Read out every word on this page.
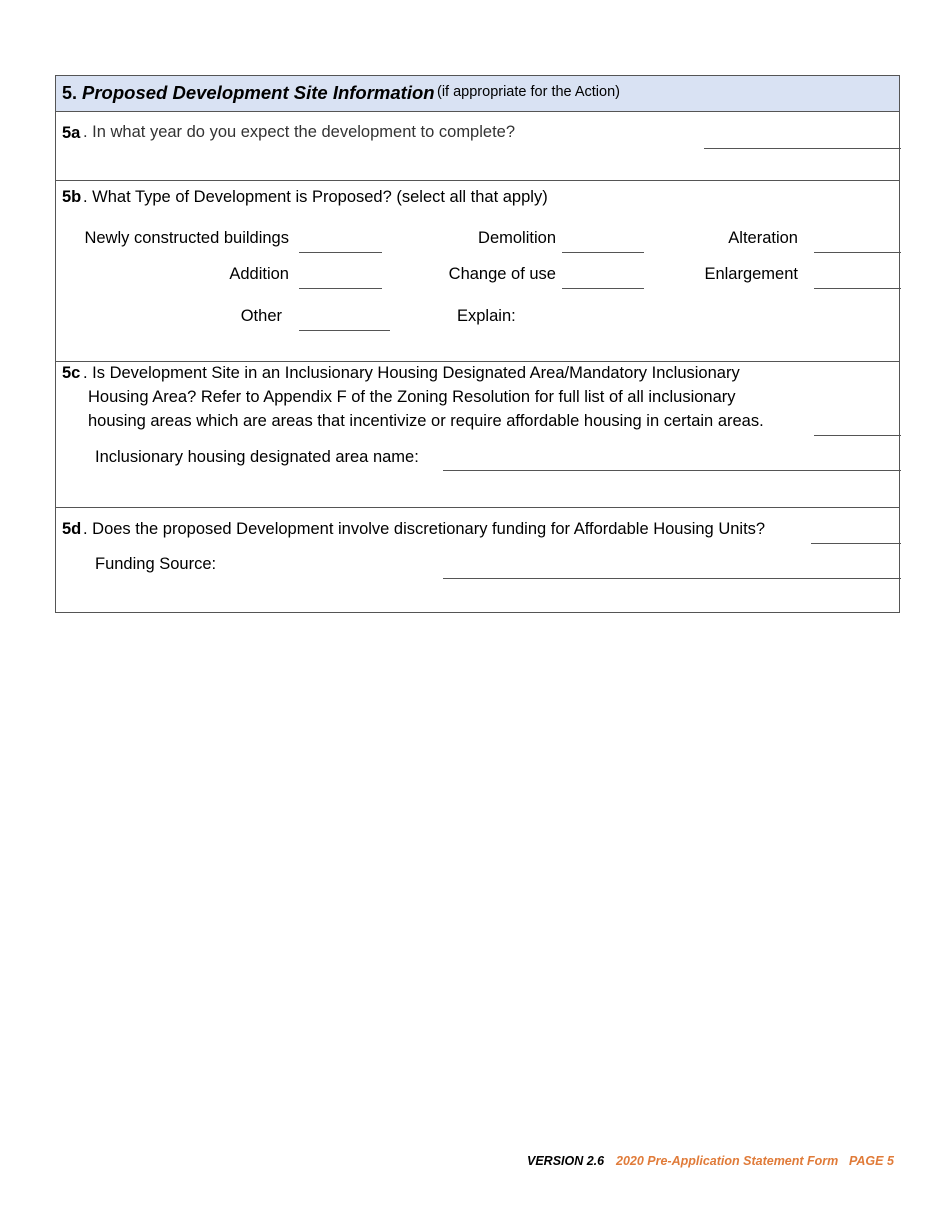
5. Proposed Development Site Information (if appropriate for the Action)
5a . In what year do you expect the development to complete?
5b . What Type of Development is Proposed? (select all that apply)
Newly constructed buildings	Demolition	Alteration
Addition	Change of use	Enlargement
Other	Explain:
5c . Is Development Site in an Inclusionary Housing Designated Area/Mandatory Inclusionary
Housing Area? Refer to Appendix F of the Zoning Resolution for full list of all inclusionary
housing areas which are areas that incentivize or require affordable housing in certain areas.
Inclusionary housing designated area name:
5d . Does the proposed Development involve discretionary funding for Affordable Housing Units?
Funding Source:
VERSION 2.6 2020 Pre-Application Statement Form PAGE 5
